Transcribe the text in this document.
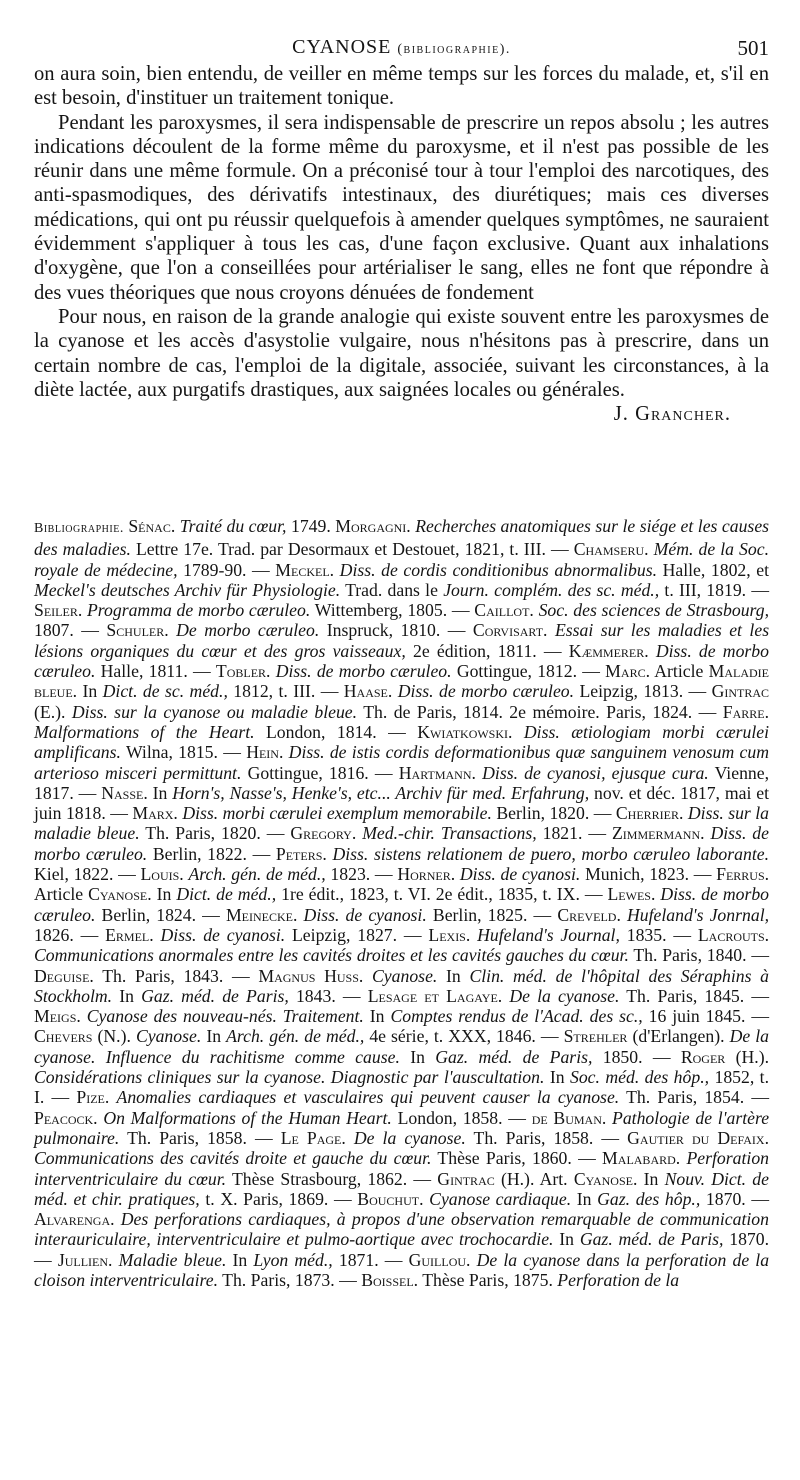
CYANOSE (bibliographie).	501

on aura soin, bien entendu, de veiller en même temps sur les forces du malade, et, s'il en est besoin, d'instituer un traitement tonique.

Pendant les paroxysmes, il sera indispensable de prescrire un repos absolu ; les autres indications découlent de la forme même du paroxysme, et il n'est pas possible de les réunir dans une même formule. On a préconisé tour à tour l'emploi des narcotiques, des anti-spasmodiques, des dérivatifs intestinaux, des diurétiques; mais ces diverses médications, qui ont pu réussir quelquefois à amender quelques symptômes, ne sauraient évidemment s'appliquer à tous les cas, d'une façon exclusive. Quant aux inhalations d'oxygène, que l'on a conseillées pour artérialiser le sang, elles ne font que répondre à des vues théoriques que nous croyons dénuées de fondement

Pour nous, en raison de la grande analogie qui existe souvent entre les paroxysmes de la cyanose et les accès d'asystolie vulgaire, nous n'hésitons pas à prescrire, dans un certain nombre de cas, l'emploi de la digitale, associée, suivant les circonstances, à la diète lactée, aux purgatifs drastiques, aux saignées locales ou générales.

J. Grancher.

Bibliographie. Sénac. Traité du cœur, 1749. Morgagni. Recherches anatomiques sur le siége et les causes des maladies. Lettre 17e. Trad. par Desormaux et Destouet, 1821, t. III. — Chamseru. Mém. de la Soc. royale de médecine, 1789-90. — Meckel. Diss. de cordis conditionibus abnormalibus. Halle, 1802, et Meckel's deutsches Archiv für Physiologie. Trad. dans le Journ. complém. des sc. méd., t. III, 1819. — Seiler. Programma de morbo cæruleo. Wittemberg, 1805. — Caillot. Soc. des sciences de Strasbourg, 1807. — Schuler. De morbo cæruleo. Inspruck, 1810. — Corvisart. Essai sur les maladies et les lésions organiques du cœur et des gros vaisseaux, 2e édition, 1811. — Kæmmerer. Diss. de morbo cæruleo. Halle, 1811. — Tobler. Diss. de morbo cæruleo. Gottingue, 1812. — Marc. Article Maladie bleue. In Dict. de sc. méd., 1812, t. III. — Haase. Diss. de morbo cæruleo. Leipzig, 1813. — Gintrac (E.). Diss. sur la cyanose ou maladie bleue. Th. de Paris, 1814. 2e mémoire. Paris, 1824. — Farre. Malformations of the Heart. London, 1814. — Kwiatkowski. Diss. ætiologiam morbi cærulei amplificans. Wilna, 1815. — Hein. Diss. de istis cordis deformationibus quæ sanguinem venosum cum arterioso misceri permittunt. Gottingue, 1816. — Hartmann. Diss. de cyanosi, ejusque cura. Vienne, 1817. — Nasse. In Horn's, Nasse's, Henke's, etc... Archiv für med. Erfahrung, nov. et déc. 1817, mai et juin 1818. — Marx. Diss. morbi cærulei exemplum memorabile. Berlin, 1820. — Cherrier. Diss. sur la maladie bleue. Th. Paris, 1820. — Gregory. Med.-chir. Transactions, 1821. — Zimmermann. Diss. de morbo cæruleo. Berlin, 1822. — Peters. Diss. sistens relationem de puero, morbo cæruleo laborante. Kiel, 1822. — Louis. Arch. gén. de méd., 1823. — Horner. Diss. de cyanosi. Munich, 1823. — Ferrus. Article Cyanose. In Dict. de méd., 1re édit., 1823, t. VI. 2e édit., 1835, t. IX. — Lewes. Diss. de morbo cæruleo. Berlin, 1824. — Meinecke. Diss. de cyanosi. Berlin, 1825. — Creveld. Hufeland's Jonrnal, 1826. — Ermel. Diss. de cyanosi. Leipzig, 1827. — Lexis. Hufeland's Journal, 1835. — Lacrouts. Communications anormales entre les cavités droites et les cavités gauches du cœur. Th. Paris, 1840. — Deguise. Th. Paris, 1843. — Magnus Huss. Cyanose. In Clin. méd. de l'hôpital des Séraphins à Stockholm. In Gaz. méd. de Paris, 1843. — Lesage et Lagaye. De la cyanose. Th. Paris, 1845. — Meigs. Cyanose des nouveau-nés. Traitement. In Comptes rendus de l'Acad. des sc., 16 juin 1845. — Chevers (N.). Cyanose. In Arch. gén. de méd., 4e série, t. XXX, 1846. — Strehler (d'Erlangen). De la cyanose. Influence du rachitisme comme cause. In Gaz. méd. de Paris, 1850. — Roger (H.). Considérations cliniques sur la cyanose. Diagnostic par l'auscultation. In Soc. méd. des hôp., 1852, t. I. — Pize. Anomalies cardiaques et vasculaires qui peuvent causer la cyanose. Th. Paris, 1854. — Peacock. On Malformations of the Human Heart. London, 1858. — de Buman. Pathologie de l'artère pulmonaire. Th. Paris, 1858. — Le Page. De la cyanose. Th. Paris, 1858. — Gautier du Defaix. Communications des cavités droite et gauche du cœur. Thèse Paris, 1860. — Malabard. Perforation interventriculaire du cœur. Thèse Strasbourg, 1862. — Gintrac (H.). Art. Cyanose. In Nouv. Dict. de méd. et chir. pratiques, t. X. Paris, 1869. — Bouchut. Cyanose cardiaque. In Gaz. des hôp., 1870. — Alvarenga. Des perforations cardiaques, à propos d'une observation remarquable de communication interauriculaire, interventriculaire et pulmo-aortique avec trochocardie. In Gaz. méd. de Paris, 1870. — Jullien. Maladie bleue. In Lyon méd., 1871. — Guillou. De la cyanose dans la perforation de la cloison interventriculaire. Th. Paris, 1873. — Boissel. Thèse Paris, 1875. Perforation de la
